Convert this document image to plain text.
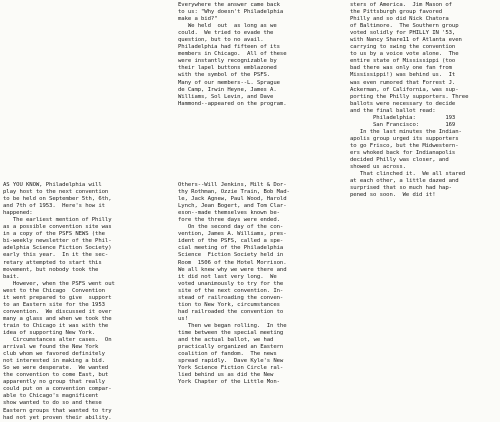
AS YOU KNOW, Philadelphia will
play host to the next convention
to be held on September 5th, 6th,
and 7th of 1953.  Here's how it
happened:
The earliest mention of Philly
as a possible convention site was
in a copy of the PSFS NEWS (the
bi-weekly newsletter of the Phil-
adelphia Science Fiction Society)
early this year.  In it the sec-
retary attempted to start this
movement, but nobody took the
bait.
However, when the PSFS went out
west to the Chicago  Convention
it went prepared to give  support
to an Eastern site for the 1953
convention.  We discussed it over
many a glass and when we took the
train to Chicago it was with the
idea of supporting New York.
Circumstances alter cases.  On
arrival we found the New York
club whom we favored definitely
not interested in making a bid.
So we were desperate.  We wanted
the convention to come East, but
apparently no group that really
could put on a convention compar-
able to Chicago's magnificent
show wanted to do so and these
Eastern groups that wanted to try
had not yet proven their ability.
Everywhere the answer came back
to us: "Why doesn't Philadelphia
make a bid?"
We held  out  as long as we
could.  We tried to evade the
question, but to no avail.
Philadelphia had fifteen of its
members in Chicago.  All of these
were instantly recognizable by
their lapel buttons emblazoned
with the symbol of the PSFS.
Many of our members--L. Sprague
de Camp, Irwin Heyne, James A.
Williams, Sol Levin, and Dave
Hammond--appeared on the program.
Others--Will Jenkins, Milt & Dor-
thy Rothman, Ozzie Train, Bob Mad-
le, Jack Agnew, Paul Wood, Harold
Lynch, Jean Bogert, and Tom Clar-
eson--made themselves known be-
fore the three days were ended.
On the second day of the con-
vention, James A. Williams, pres-
ident of the PSFS, called a spe-
cial meeting of the Philadelphia
Science  Fiction Society held in
Room  1506 of the Hotel Morrison.
We all knew why we were there and
it did not last very long.  We
voted unanimously to try for the
site of the next convention. In-
stead of railroading the conven-
tion to New York, circumstances
had railroaded the convention to
us!
Then we began rolling.  In the
time between the special meeting
and the actual ballot, we had
practically organized an Eastern
coalition of fandom.  The news
spread rapidly.  Dave Kyle's New
York Science Fiction Circle ral-
lied behind us as did the New
York Chapter of the Little Mon-
sters of America.  Jim Mason of
the Pittsburgh group favored
Philly and so did Nick Chatora
of Baltimore.  The Southern group
voted solidly for PHILLY IN '53,
with Nancy Share11 of Atlanta even
carrying to swing the convention
to us by a voice vote alone.  The
entire state of Mississippi (too
bad there was only one fan from
Mississippi!) was behind us.  It
was even rumored that Forrest J.
Ackerman, of California, was sup-
porting the Philly supporters. Three
ballots were necessary to decide
and the final ballot read:
Philadelphia:         193
San Francisco:        169
In the last minutes the Indian-
apolis group urged its supporters
to go Frisco, but the Midwestern-
ers whoked back for Indianapolis
decided Philly was closer, and
showed us across.
That clinched it.  We all stared
at each other, a little dazed and
surprised that so much had hap-
pened so soon.  We did it!
